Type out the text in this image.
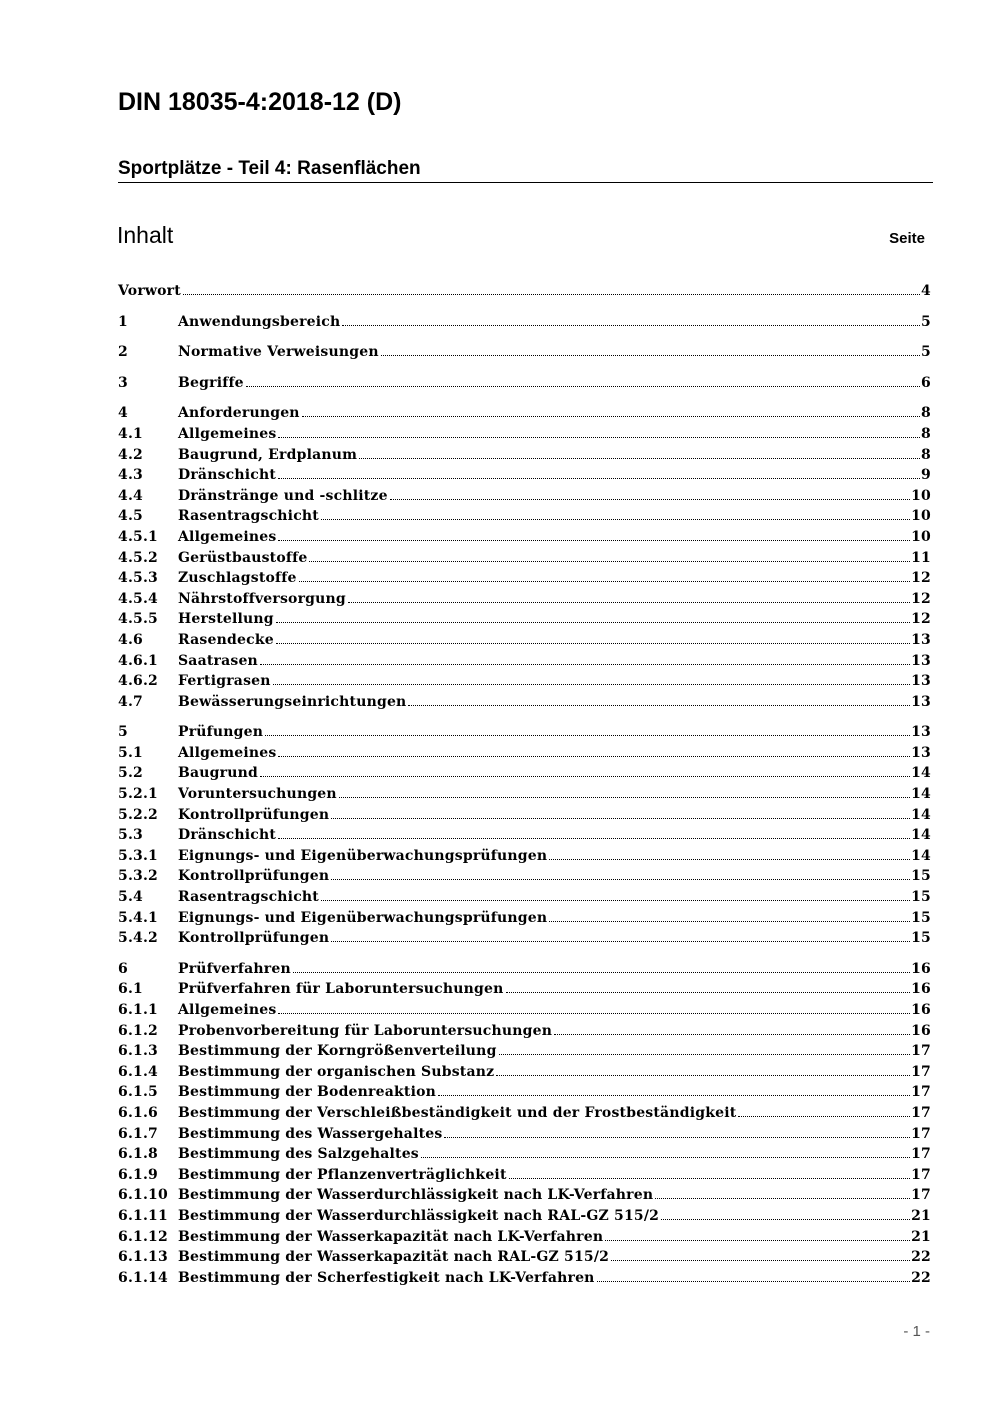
DIN 18035-4:2018-12 (D)
Sportplätze - Teil 4: Rasenflächen
Inhalt	Seite
Vorwort	4
1	Anwendungsbereich	5
2	Normative Verweisungen	5
3	Begriffe	6
4	Anforderungen	8
4.1	Allgemeines	8
4.2	Baugrund, Erdplanum	8
4.3	Dränschicht	9
4.4	Dränstränge und -schlitze	10
4.5	Rasentragschicht	10
4.5.1	Allgemeines	10
4.5.2	Gerüstbaustoffe	11
4.5.3	Zuschlagstoffe	12
4.5.4	Nährstoffversorgung	12
4.5.5	Herstellung	12
4.6	Rasendecke	13
4.6.1	Saatrasen	13
4.6.2	Fertigrasen	13
4.7	Bewässerungseinrichtungen	13
5	Prüfungen	13
5.1	Allgemeines	13
5.2	Baugrund	14
5.2.1	Voruntersuchungen	14
5.2.2	Kontrollprüfungen	14
5.3	Dränschicht	14
5.3.1	Eignungs- und Eigenüberwachungsprüfungen	14
5.3.2	Kontrollprüfungen	15
5.4	Rasentragschicht	15
5.4.1	Eignungs- und Eigenüberwachungsprüfungen	15
5.4.2	Kontrollprüfungen	15
6	Prüfverfahren	16
6.1	Prüfverfahren für Laboruntersuchungen	16
6.1.1	Allgemeines	16
6.1.2	Probenvorbereitung für Laboruntersuchungen	16
6.1.3	Bestimmung der Korngrößenverteilung	17
6.1.4	Bestimmung der organischen Substanz	17
6.1.5	Bestimmung der Bodenreaktion	17
6.1.6	Bestimmung der Verschleißbeständigkeit und der Frostbeständigkeit	17
6.1.7	Bestimmung des Wassergehaltes	17
6.1.8	Bestimmung des Salzgehaltes	17
6.1.9	Bestimmung der Pflanzenverträglichkeit	17
6.1.10 Bestimmung der Wasserdurchlässigkeit nach LK-Verfahren	17
6.1.11 Bestimmung der Wasserdurchlässigkeit nach RAL-GZ 515/2	21
6.1.12 Bestimmung der Wasserkapazität nach LK-Verfahren	21
6.1.13 Bestimmung der Wasserkapazität nach RAL-GZ 515/2	22
6.1.14 Bestimmung der Scherfestigkeit nach LK-Verfahren	22
- 1 -
